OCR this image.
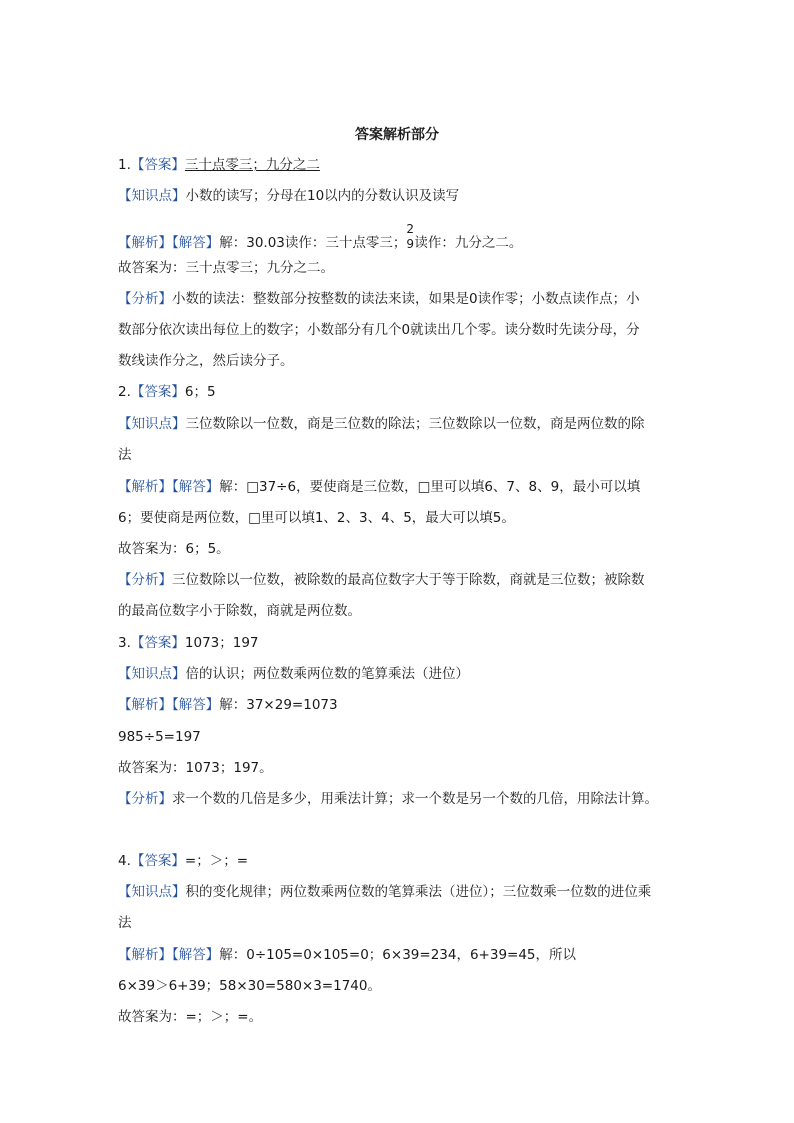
答案解析部分
1.【答案】三十点零三；九分之二
【知识点】小数的读写；分母在10以内的分数认识及读写
【解析】【解答】解：30.03读作：三十点零三；
2
9 读作：九分之二。
故答案为：三十点零三；九分之二。
【分析】小数的读法：整数部分按整数的读法来读，如果是0读作零；小数点读作点；小
数部分依次读出每位上的数字；小数部分有几个0就读出几个零。读分数时先读分母，分
数线读作分之，然后读分子。
2.【答案】6；5
【知识点】三位数除以一位数，商是三位数的除法；三位数除以一位数，商是两位数的除
法
【解析】【解答】解：□37÷6，要使商是三位数，□里可以填6、7、8、9，最小可以填
6；要使商是两位数，□里可以填1、2、3、4、5，最大可以填5。
故答案为：6；5。
【分析】三位数除以一位数，被除数的最高位数字大于等于除数，商就是三位数；被除数
的最高位数字小于除数，商就是两位数。
3.【答案】1073；197
【知识点】倍的认识；两位数乘两位数的笔算乘法（进位）
【解析】【解答】解：37×29=1073
985÷5=197
故答案为：1073；197。
【分析】求一个数的几倍是多少，用乘法计算；求一个数是另一个数的几倍，用除法计算。
4.【答案】=；＞；=
【知识点】积的变化规律；两位数乘两位数的笔算乘法（进位）；三位数乘一位数的进位乘
法
【解析】【解答】解：0÷105=0×105=0；6×39=234，6+39=45，所以
6×39＞6+39；58×30=580×3=1740。
故答案为：=；＞；=。
